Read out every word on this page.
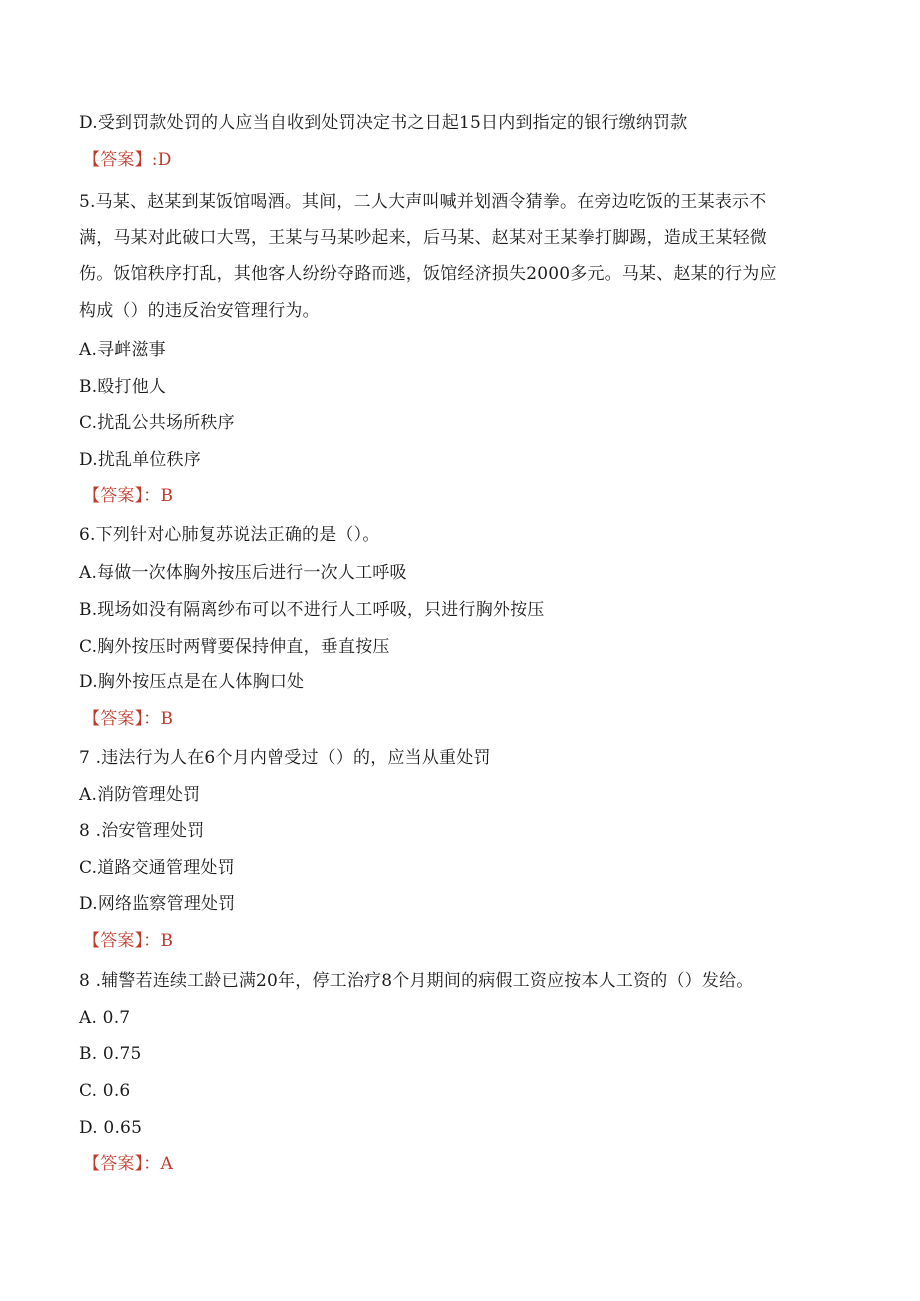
D.受到罚款处罚的人应当自收到处罚决定书之日起15日内到指定的银行缴纳罚款
【答案】:D
5.马某、赵某到某饭馆喝酒。其间，二人大声叫喊并划酒令猜拳。在旁边吃饭的王某表示不
满，马某对此破口大骂，王某与马某吵起来，后马某、赵某对王某拳打脚踢，造成王某轻微
伤。饭馆秩序打乱，其他客人纷纷夺路而逃，饭馆经济损失2000多元。马某、赵某的行为应
构成（）的违反治安管理行为。
A.寻衅滋事
B.殴打他人
C.扰乱公共场所秩序
D.扰乱单位秩序
【答案】：B
6.下列针对心肺复苏说法正确的是（）。
A.每做一次体胸外按压后进行一次人工呼吸
B.现场如没有隔离纱布可以不进行人工呼吸，只进行胸外按压
C.胸外按压时两臂要保持伸直，垂直按压
D.胸外按压点是在人体胸口处
【答案】：B
7 .违法行为人在6个月内曾受过（）的，应当从重处罚
A.消防管理处罚
8 .治安管理处罚
C.道路交通管理处罚
D.网络监察管理处罚
【答案】：B
8 .辅警若连续工龄已满20年，停工治疗8个月期间的病假工资应按本人工资的（）发给。
A. 0.7
B. 0.75
C. 0.6
D. 0.65
【答案】：A
